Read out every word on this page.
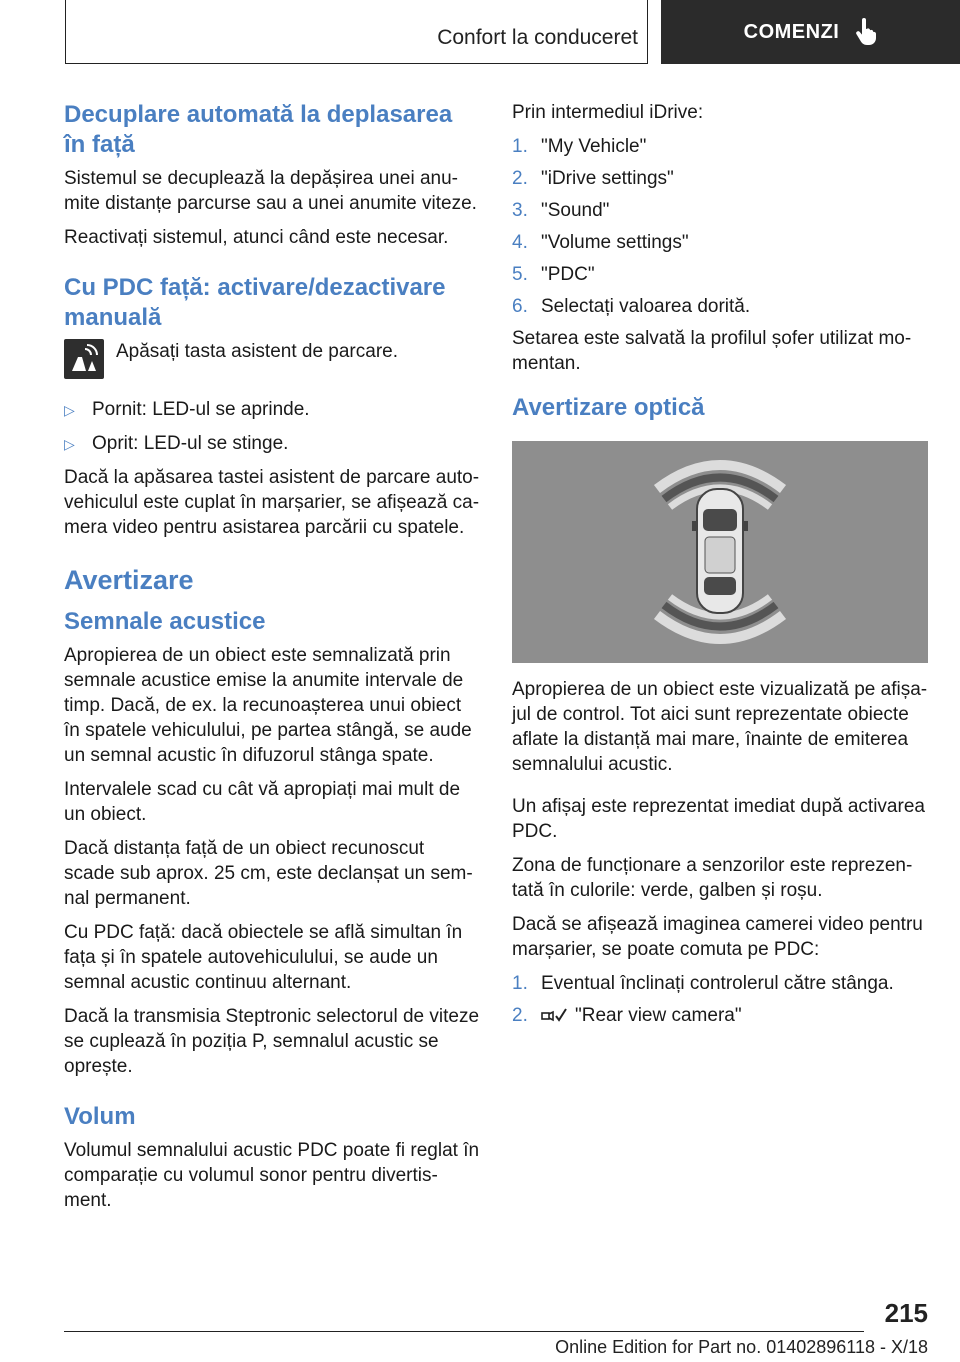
Confort la conduceret	COMENZI
Decuplare automată la deplasarea în față
Sistemul se decuplează la depășirea unei anu-mite distanțe parcurse sau a unei anumite viteze.
Reactivați sistemul, atunci când este necesar.
Cu PDC față: activare/dezactivare manuală
Apăsați tasta asistent de parcare.
▷ Pornit: LED-ul se aprinde.
▷ Oprit: LED-ul se stinge.
Dacă la apăsarea tastei asistent de parcare auto-vehiculul este cuplat în marșarier, se afișează ca-mera video pentru asistarea parcării cu spatele.
Avertizare
Semnale acustice
Apropierea de un obiect este semnalizată prin semnale acustice emise la anumite intervale de timp. Dacă, de ex. la recunoașterea unui obiect în spatele vehiculului, pe partea stângă, se aude un semnal acustic în difuzorul stânga spate.
Intervalele scad cu cât vă apropiați mai mult de un obiect.
Dacă distanța față de un obiect recunoscut scade sub aprox. 25 cm, este declanșat un sem-nal permanent.
Cu PDC față: dacă obiectele se află simultan în fața și în spatele autovehiculului, se aude un semnal acustic continuu alternant.
Dacă la transmisia Steptronic selectorul de viteze se cuplează în poziția P, semnalul acustic se oprește.
Volum
Volumul semnalului acustic PDC poate fi reglat în comparație cu volumul sonor pentru divertis-ment.
Prin intermediul iDrive:
1. "My Vehicle"
2. "iDrive settings"
3. "Sound"
4. "Volume settings"
5. "PDC"
6. Selectați valoarea dorită.
Setarea este salvată la profilul șofer utilizat mo-mentan.
Avertizare optică
Apropierea de un obiect este vizualizată pe afișa-jul de control. Tot aici sunt reprezentate obiecte aflate la distanță mai mare, înainte de emiterea semnalului acustic.
Un afișaj este reprezentat imediat după activarea PDC.
Zona de funcționare a senzorilor este reprezen-tată în culorile: verde, galben și roșu.
Dacă se afișează imaginea camerei video pentru marșarier, se poate comuta pe PDC:
1. Eventual înclinați controlerul către stânga.
2.	"Rear view camera"
215
Online Edition for Part no. 01402896118 - X/18
